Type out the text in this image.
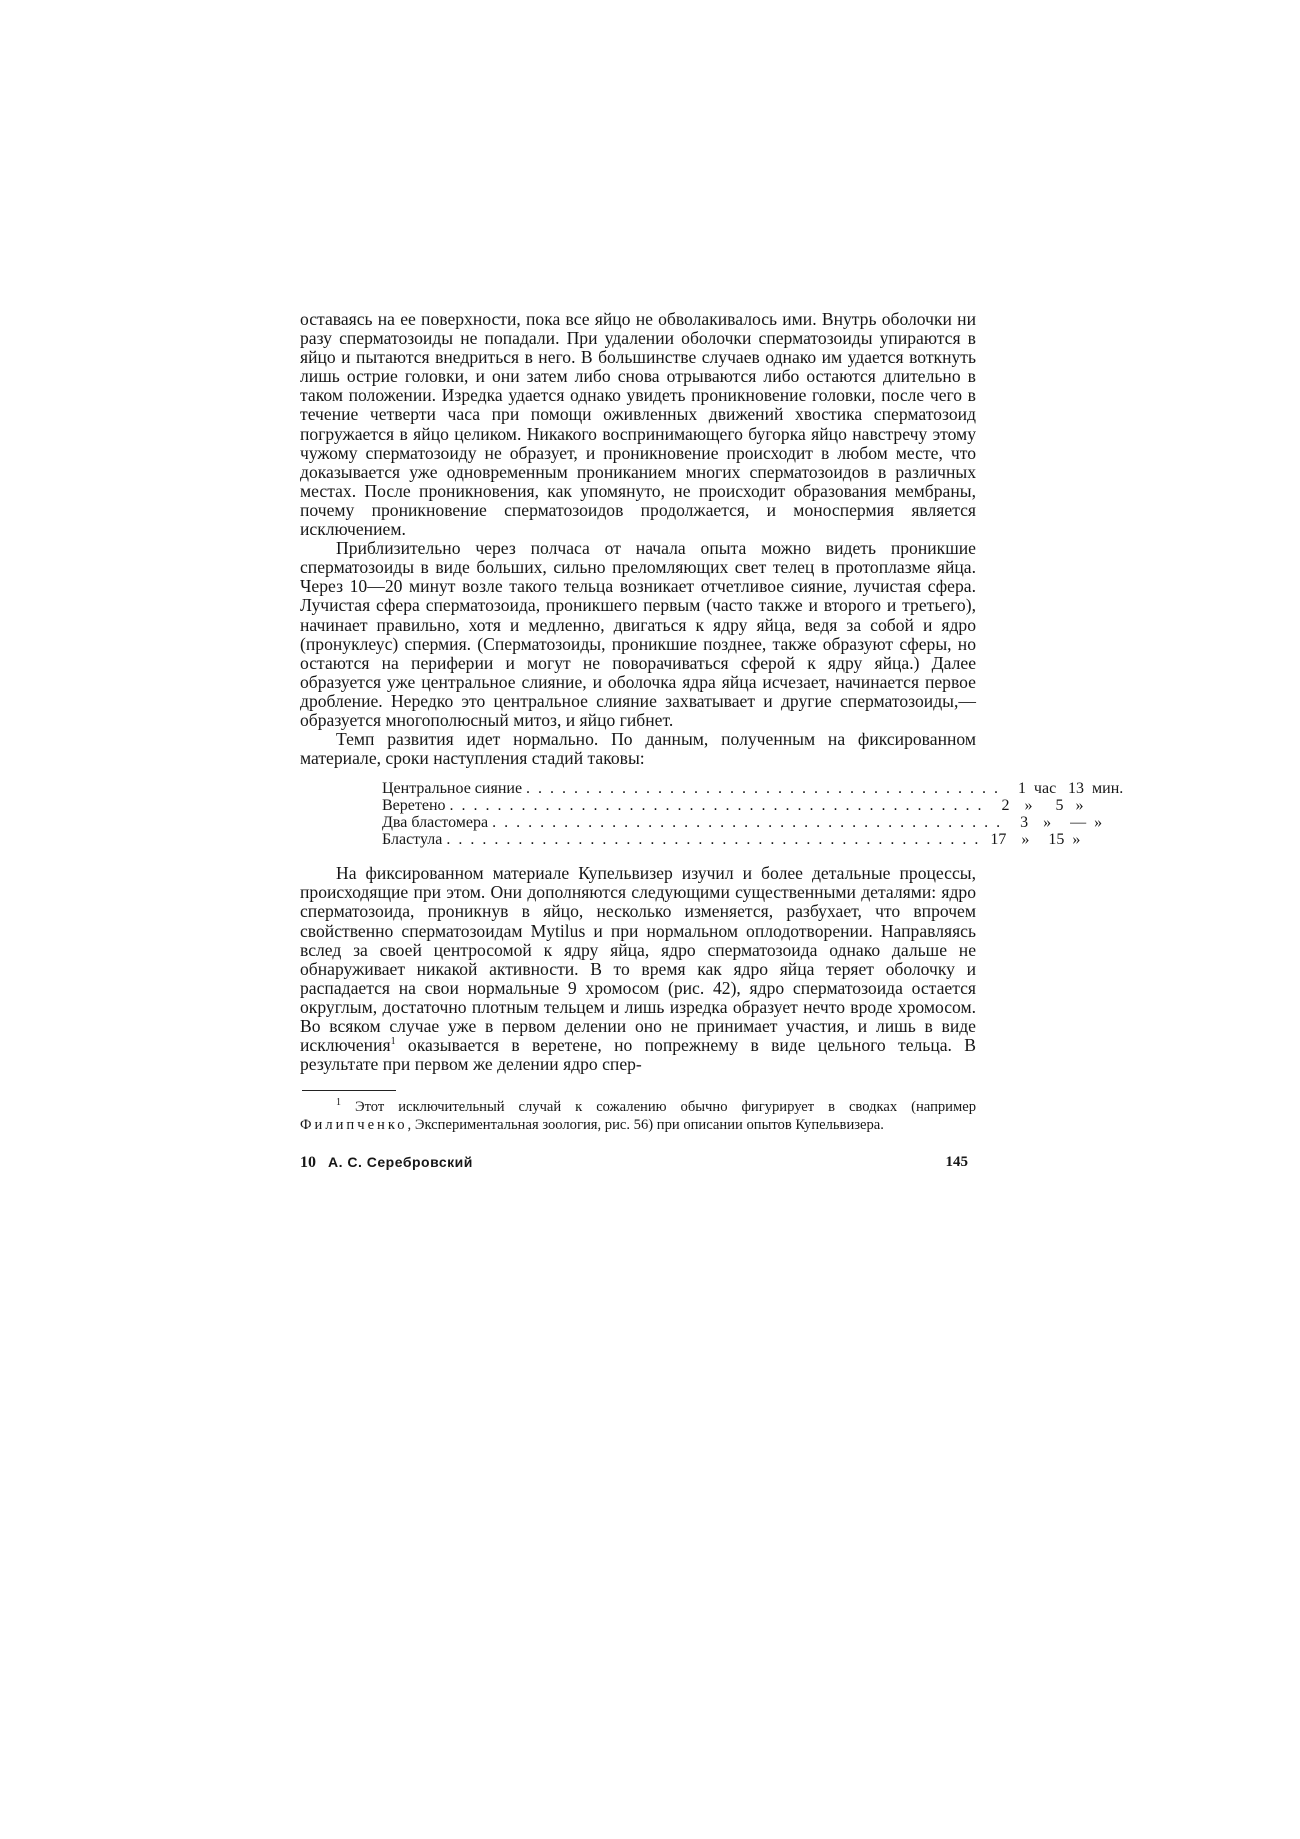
оставаясь на ее поверхности, пока все яйцо не обволакивалось ими. Внутрь оболочки ни разу сперматозоиды не попадали. При удалении оболочки сперматозоиды упираются в яйцо и пытаются внедриться в него. В большинстве случаев однако им удается воткнуть лишь острие головки, и они затем либо снова отрываются либо остаются длительно в таком положении. Изредка удается однако увидеть проникновение головки, после чего в течение четверти часа при помощи оживленных движений хвостика сперматозоид погружается в яйцо целиком. Никакого воспринимающего бугорка яйцо навстречу этому чужому сперматозоиду не образует, и проникновение происходит в любом месте, что доказывается уже одновременным прониканием многих сперматозоидов в различных местах. После проникновения, как упомянуто, не происходит образования мембраны, почему проникновение сперматозоидов продолжается, и моноспермия является исключением.

Приблизительно через полчаса от начала опыта можно видеть проникшие сперматозоиды в виде больших, сильно преломляющих свет телец в протоплазме яйца. Через 10—20 минут возле такого тельца возникает отчетливое сияние, лучистая сфера. Лучистая сфера сперматозоида, проникшего первым (часто также и второго и третьего), начинает правильно, хотя и медленно, двигаться к ядру яйца, ведя за собой и ядро (пронуклеус) спермия. (Сперматозоиды, проникшие позднее, также образуют сферы, но остаются на периферии и могут не поворачиваться сферой к ядру яйца.) Далее образуется уже центральное слияние, и оболочка ядра яйца исчезает, начинается первое дробление. Нередко это центральное слияние захватывает и другие сперматозоиды,—образуется многополюсный митоз, и яйцо гибнет.

Темп развития идет нормально. По данным, полученным на фиксированном материале, сроки наступления стадий таковы:

Центральное сияние . . . . . . . . . . . . . . . . . . . . . . . . . . . . . . . . . . . . . . . .	1 час 13 мин.
Веретено . . . . . . . . . . . . . . . . . . . . . . . . . . . . . . . . . . . . . . . . . . . . .	2 »	5 »
Два бластомера . . . . . . . . . . . . . . . . . . . . . . . . . . . . . . . . . . . . . . . . . . .	3 »	— »
Бластула . . . . . . . . . . . . . . . . . . . . . . . . . . . . . . . . . . . . . . . . . . . . . 17 »	15 »

На фиксированном материале Купельвизер изучил и более детальные процессы, происходящие при этом. Они дополняются следующими существенными деталями: ядро сперматозоида, проникнув в яйцо, несколько изменяется, разбухает, что впрочем свойственно сперматозоидам Mytilus и при нормальном оплодотворении. Направляясь вслед за своей центросомой к ядру яйца, ядро сперматозоида однако дальше не обнаруживает никакой активности. В то время как ядро яйца теряет оболочку и распадается на свои нормальные 9 хромосом (рис. 42), ядро сперматозоида остается округлым, достаточно плотным тельцем и лишь изредка образует нечто вроде хромосом. Во всяком случае уже в первом делении оно не принимает участия, и лишь в виде исключения$^1$ оказывается в веретене, но попрежнему в виде цельного тельца. В результате при первом же делении ядро спер-

$^1$ Этот исключительный случай к сожалению обычно фигурирует в сводках (например Филипченко, Экспериментальная зоология, рис. 56) при описании опытов Купельвизера.

10 А. С. Серебровский	145
